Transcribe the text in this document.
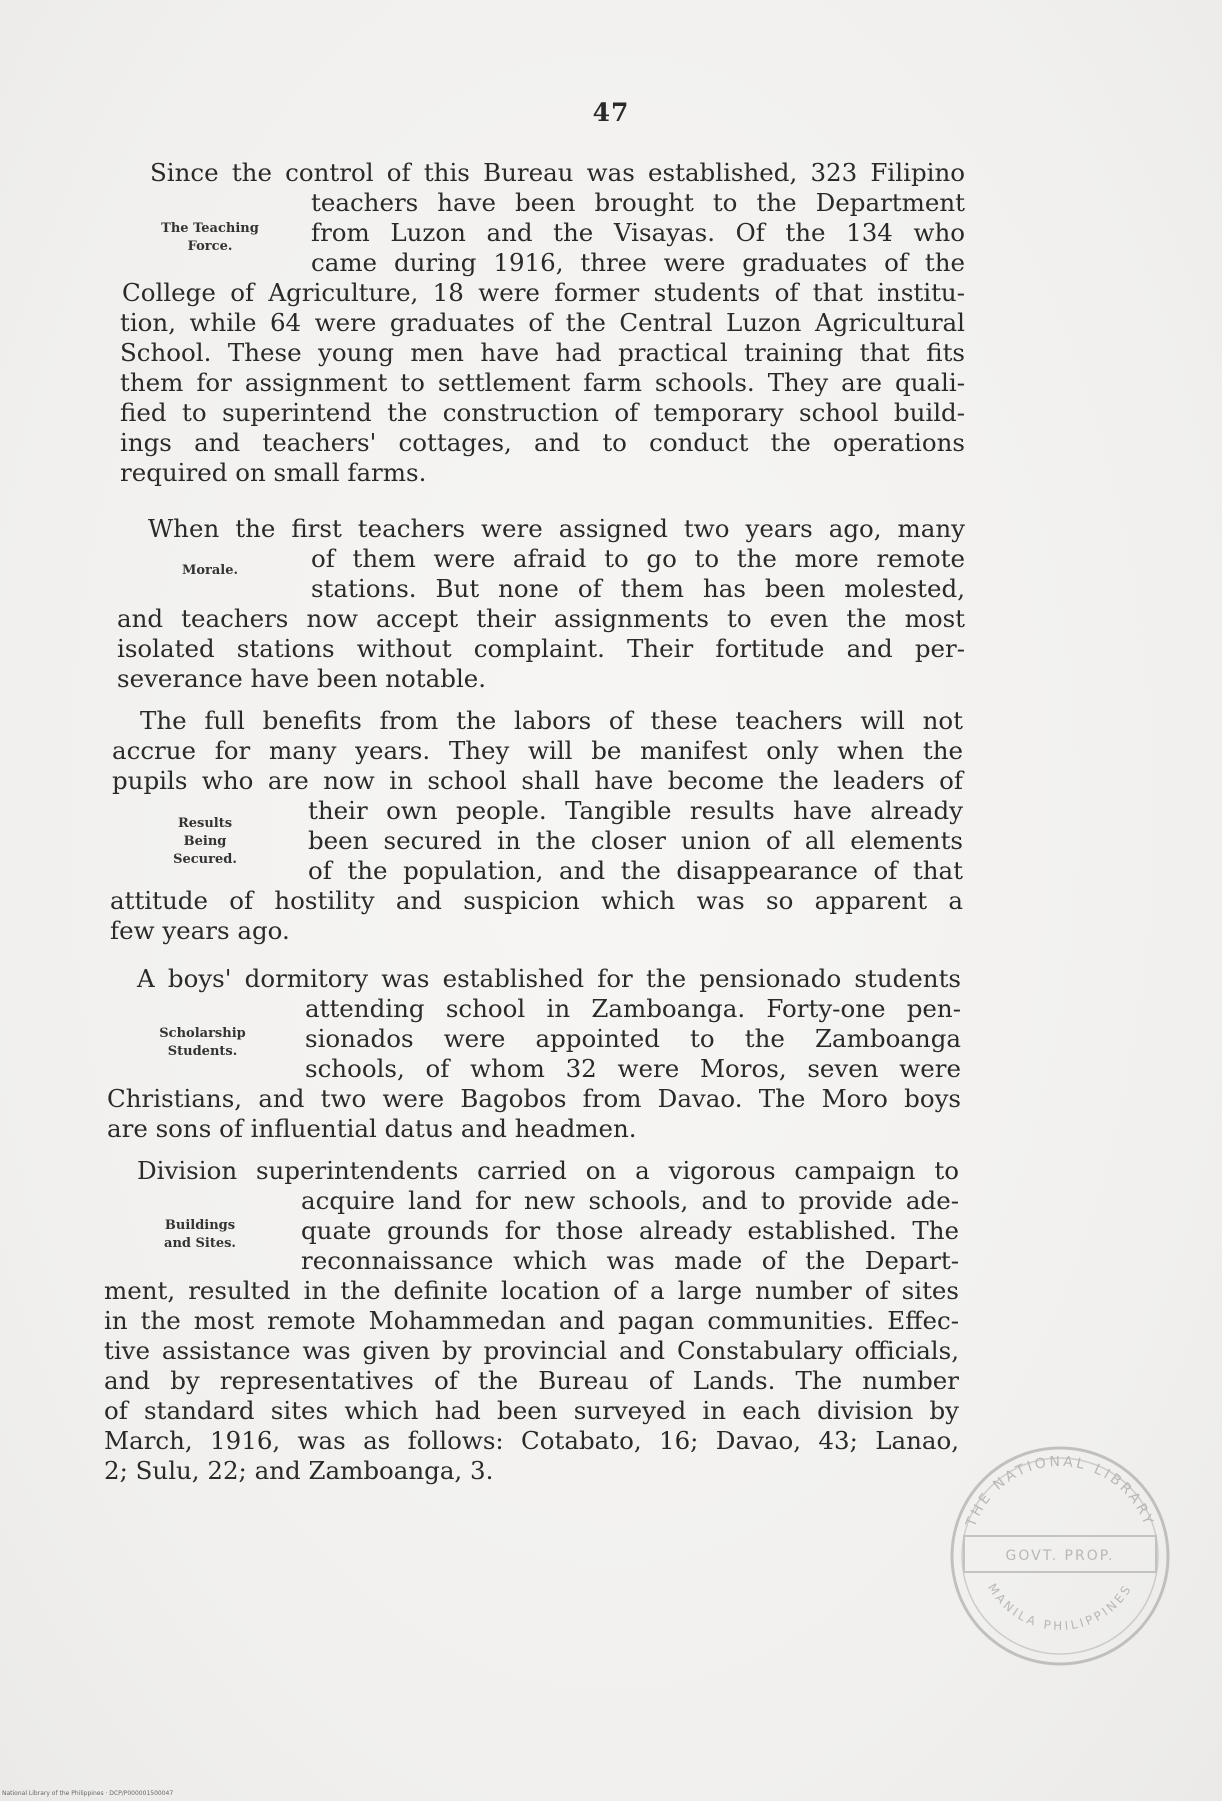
47
Since the control of this Bureau was established, 323 Filipino
teachers have been brought to the Department
from Luzon and the Visayas. Of the 134 who
came during 1916, three were graduates of the
College of Agriculture, 18 were former students of that institu-
tion, while 64 were graduates of the Central Luzon Agricultural
School. These young men have had practical training that fits
them for assignment to settlement farm schools. They are quali-
fied to superintend the construction of temporary school build-
ings and teachers' cottages, and to conduct the operations
required on small farms.
The Teaching
Force.
When the first teachers were assigned two years ago, many
of them were afraid to go to the more remote
stations. But none of them has been molested,
and teachers now accept their assignments to even the most
isolated stations without complaint. Their fortitude and per-
severance have been notable.
Morale.
The full benefits from the labors of these teachers will not
accrue for many years. They will be manifest only when the
pupils who are now in school shall have become the leaders of
their own people. Tangible results have already
been secured in the closer union of all elements
of the population, and the disappearance of that
attitude of hostility and suspicion which was so apparent a
few years ago.
Results
Being
Secured.
A boys' dormitory was established for the pensionado students
attending school in Zamboanga. Forty-one pen-
sionados were appointed to the Zamboanga
schools, of whom 32 were Moros, seven were
Christians, and two were Bagobos from Davao. The Moro boys
are sons of influential datus and headmen.
Scholarship
Students.
Division superintendents carried on a vigorous campaign to
acquire land for new schools, and to provide ade-
quate grounds for those already established. The
reconnaissance which was made of the Depart-
ment, resulted in the definite location of a large number of sites
in the most remote Mohammedan and pagan communities. Effec-
tive assistance was given by provincial and Constabulary officials,
and by representatives of the Bureau of Lands. The number
of standard sites which had been surveyed in each division by
March, 1916, was as follows: Cotabato, 16; Davao, 43; Lanao,
2; Sulu, 22; and Zamboanga, 3.
Buildings
and Sites.
THE NATIONAL LIBRARY
GOVT. PROP.
MANILA PHILIPPINES
National Library of the Philippines · DCP/P000001500047
